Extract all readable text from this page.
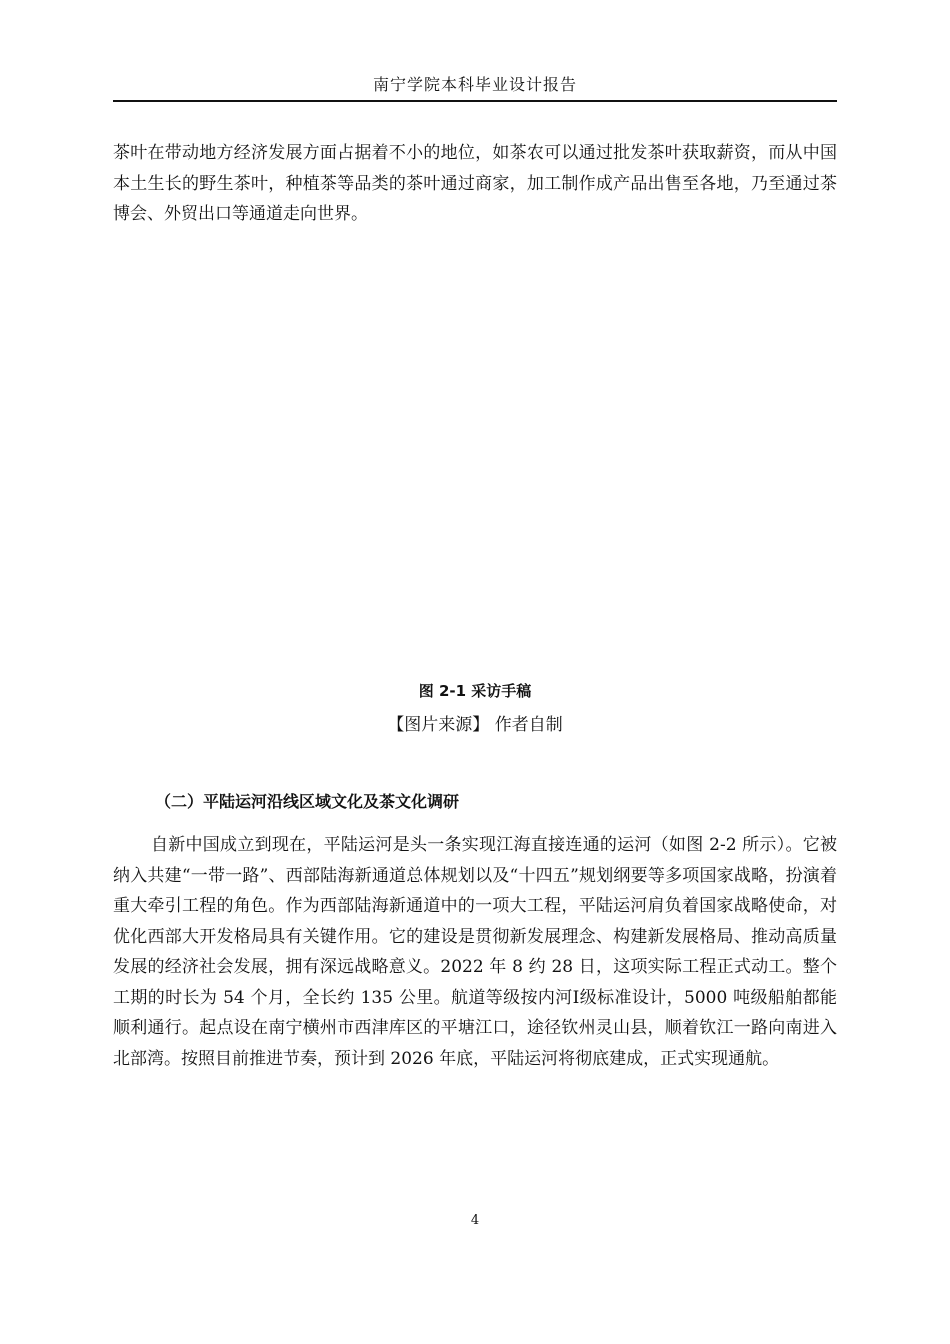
南宁学院本科毕业设计报告

茶叶在带动地方经济发展方面占据着不小的地位，如茶农可以通过批发茶叶获取薪资，而从中国本土生长的野生茶叶，种植茶等品类的茶叶通过商家，加工制作成产品出售至各地，乃至通过茶博会、外贸出口等通道走向世界。

图 2-1 采访手稿
【图片来源】 作者自制
（二）平陆运河沿线区域文化及茶文化调研

自新中国成立到现在，平陆运河是头一条实现江海直接连通的运河（如图 2-2 所示）。它被纳入共建“一带一路”、西部陆海新通道总体规划以及“十四五”规划纲要等多项国家战略，扮演着重大牵引工程的角色。作为西部陆海新通道中的一项大工程，平陆运河肩负着国家战略使命，对优化西部大开发格局具有关键作用。它的建设是贯彻新发展理念、构建新发展格局、推动高质量发展的经济社会发展，拥有深远战略意义。2022 年 8 约 28 日，这项实际工程正式动工。整个工期的时长为 54 个月，全长约 135 公里。航道等级按内河Ⅰ级标准设计，5000 吨级船舶都能顺利通行。起点设在南宁横州市西津库区的平塘江口，途径钦州灵山县，顺着钦江一路向南进入北部湾。按照目前推进节奏，预计到 2026 年底，平陆运河将彻底建成，正式实现通航。

4
